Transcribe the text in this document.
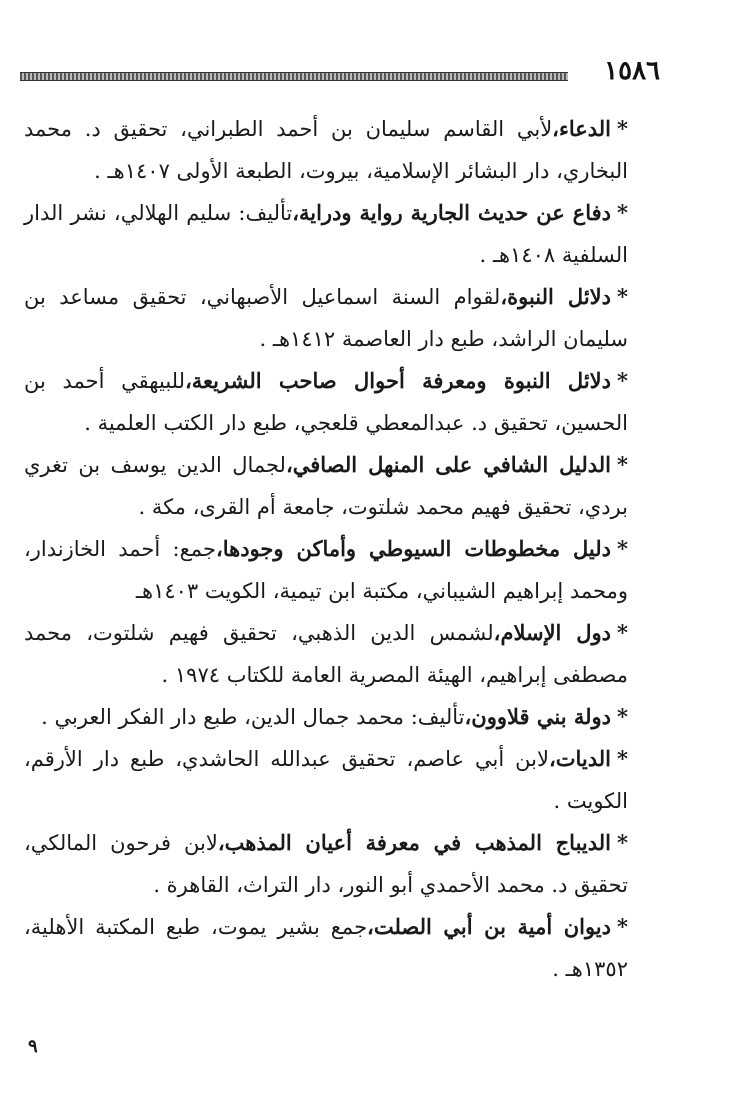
١٥٨٦

*الدعاء،لأبي القاسم سليمان بن أحمد الطبراني، تحقيق د. محمد البخاري، دار البشائر الإسلامية، بيروت، الطبعة الأولى ١٤٠٧هـ .

*دفاع عن حديث الجارية رواية ودراية،تأليف: سليم الهلالي، نشر الدار السلفية ١٤٠٨هـ .

*دلائل النبوة،لقوام السنة اسماعيل الأصبهاني، تحقيق مساعد بن سليمان الراشد، طبع دار العاصمة ١٤١٢هـ .

*دلائل النبوة ومعرفة أحوال صاحب الشريعة،للبيهقي أحمد بن الحسين، تحقيق د. عبدالمعطي قلعجي، طبع دار الكتب العلمية .

*الدليل الشافي على المنهل الصافي،لجمال الدين يوسف بن تغري بردي، تحقيق فهيم محمد شلتوت، جامعة أم القرى، مكة .

*دليل مخطوطات السيوطي وأماكن وجودها،جمع: أحمد الخازندار، ومحمد إبراهيم الشيباني، مكتبة ابن تيمية، الكويت ١٤٠٣هـ

*دول الإسلام،لشمس الدين الذهبي، تحقيق فهيم شلتوت، محمد مصطفى إبراهيم، الهيئة المصرية العامة للكتاب ١٩٧٤ .

*دولة بني قلاوون،تأليف: محمد جمال الدين، طبع دار الفكر العربي .

*الديات،لابن أبي عاصم، تحقيق عبدالله الحاشدي، طبع دار الأرقم، الكويت .

*الديباج المذهب في معرفة أعيان المذهب،لابن فرحون المالكي، تحقيق د. محمد الأحمدي أبو النور، دار التراث، القاهرة .

*ديوان أمية بن أبي الصلت،جمع بشير يموت، طبع المكتبة الأهلية، ١٣٥٢هـ .

٩
